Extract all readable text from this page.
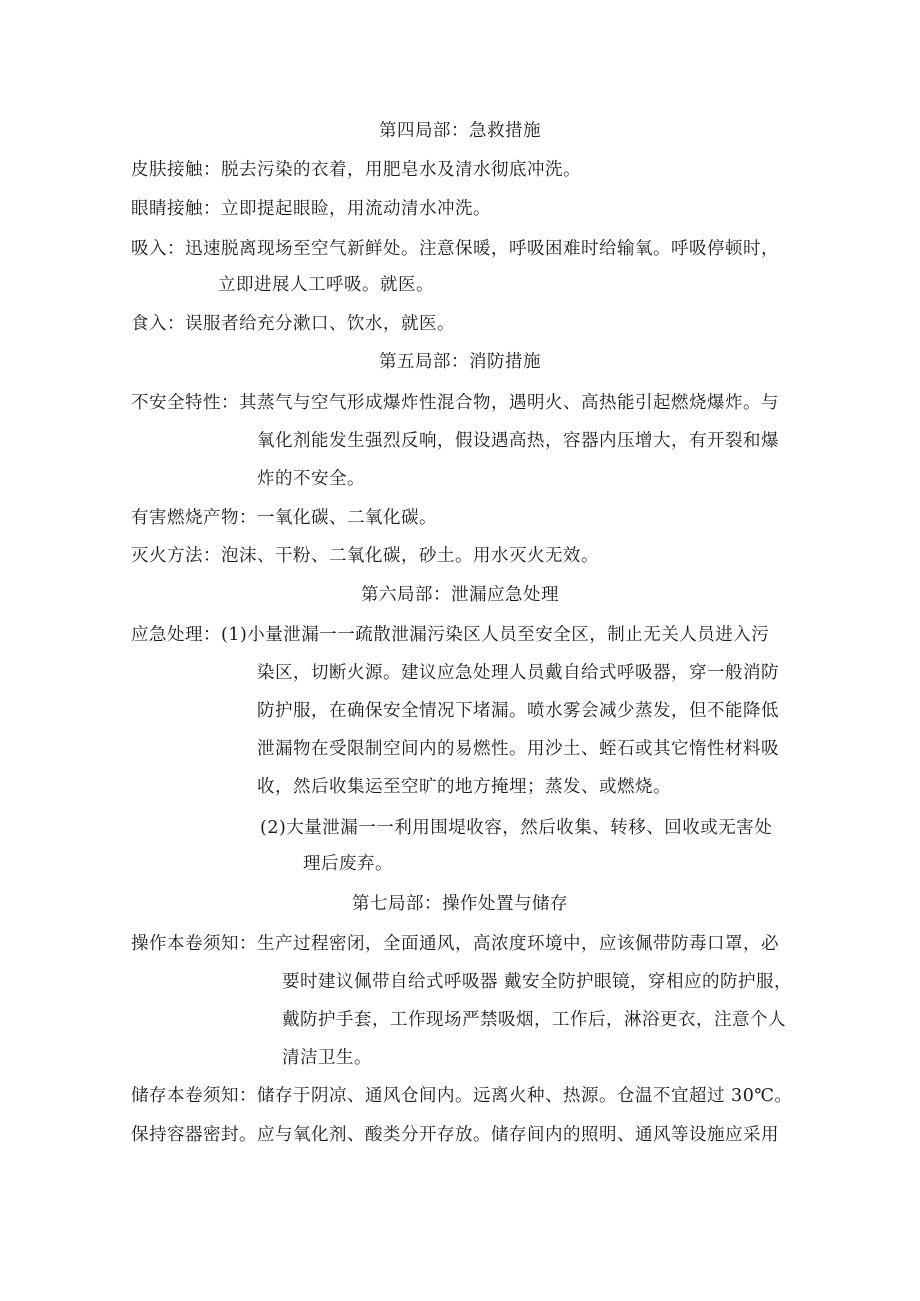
第四局部：急救措施
皮肤接触：脱去污染的衣着，用肥皂水及清水彻底冲洗。
眼睛接触：立即提起眼睑，用流动清水冲洗。
吸入：迅速脱离现场至空气新鲜处。注意保暖，呼吸困难时给输氧。呼吸停顿时，
立即进展人工呼吸。就医。
食入：误服者给充分漱口、饮水，就医。
第五局部：消防措施
不安全特性：其蒸气与空气形成爆炸性混合物，遇明火、高热能引起燃烧爆炸。与
氧化剂能发生强烈反响，假设遇高热，容器内压增大，有开裂和爆
炸的不安全。
有害燃烧产物：一氧化碳、二氧化碳。
灭火方法：泡沫、干粉、二氧化碳，砂土。用水灭火无效。
第六局部：泄漏应急处理
应急处理：(1)小量泄漏一一疏散泄漏污染区人员至安全区，制止无关人员进入污
染区，切断火源。建议应急处理人员戴自给式呼吸器，穿一般消防
防护服，在确保安全情况下堵漏。喷水雾会减少蒸发，但不能降低
泄漏物在受限制空间内的易燃性。用沙土、蛭石或其它惰性材料吸
收，然后收集运至空旷的地方掩埋；蒸发、或燃烧。
(2)大量泄漏一一利用围堤收容，然后收集、转移、回收或无害处
理后废弃。
第七局部：操作处置与储存
操作本卷须知：生产过程密闭，全面通风，高浓度环境中，应该佩带防毒口罩，必
要时建议佩带自给式呼吸器 戴安全防护眼镜，穿相应的防护服，
戴防护手套，工作现场严禁吸烟，工作后，淋浴更衣，注意个人
清洁卫生。
储存本卷须知：储存于阴凉、通风仓间内。远离火种、热源。仓温不宜超过 30℃。
保持容器密封。应与氧化剂、酸类分开存放。储存间内的照明、通风等设施应采用
